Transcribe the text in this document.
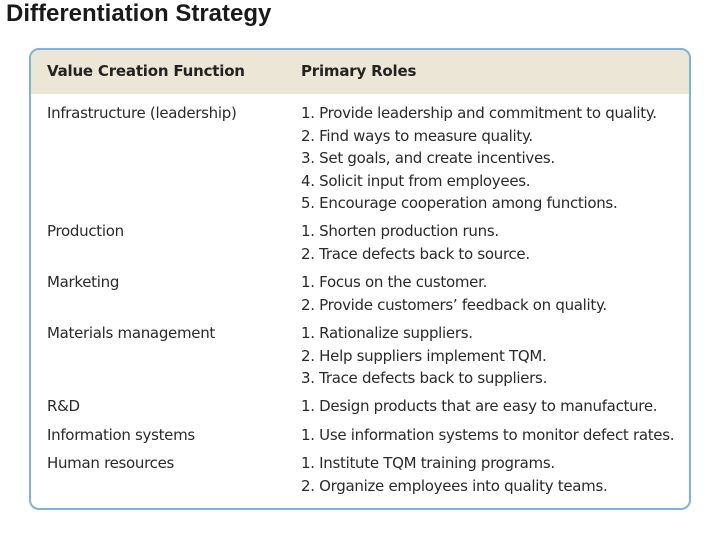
Differentiation Strategy
Value Creation Function	Primary Roles
Infrastructure (leadership)	1. Provide leadership and commitment to quality.
2. Find ways to measure quality.
3. Set goals, and create incentives.
4. Solicit input from employees.
5. Encourage cooperation among functions.
Production	1. Shorten production runs.
2. Trace defects back to source.
Marketing	1. Focus on the customer.
2. Provide customers’ feedback on quality.
Materials management	1. Rationalize suppliers.
2. Help suppliers implement TQM.
3. Trace defects back to suppliers.
R&D	1. Design products that are easy to manufacture.
Information systems	1. Use information systems to monitor defect rates.
Human resources	1. Institute TQM training programs.
2. Organize employees into quality teams.
